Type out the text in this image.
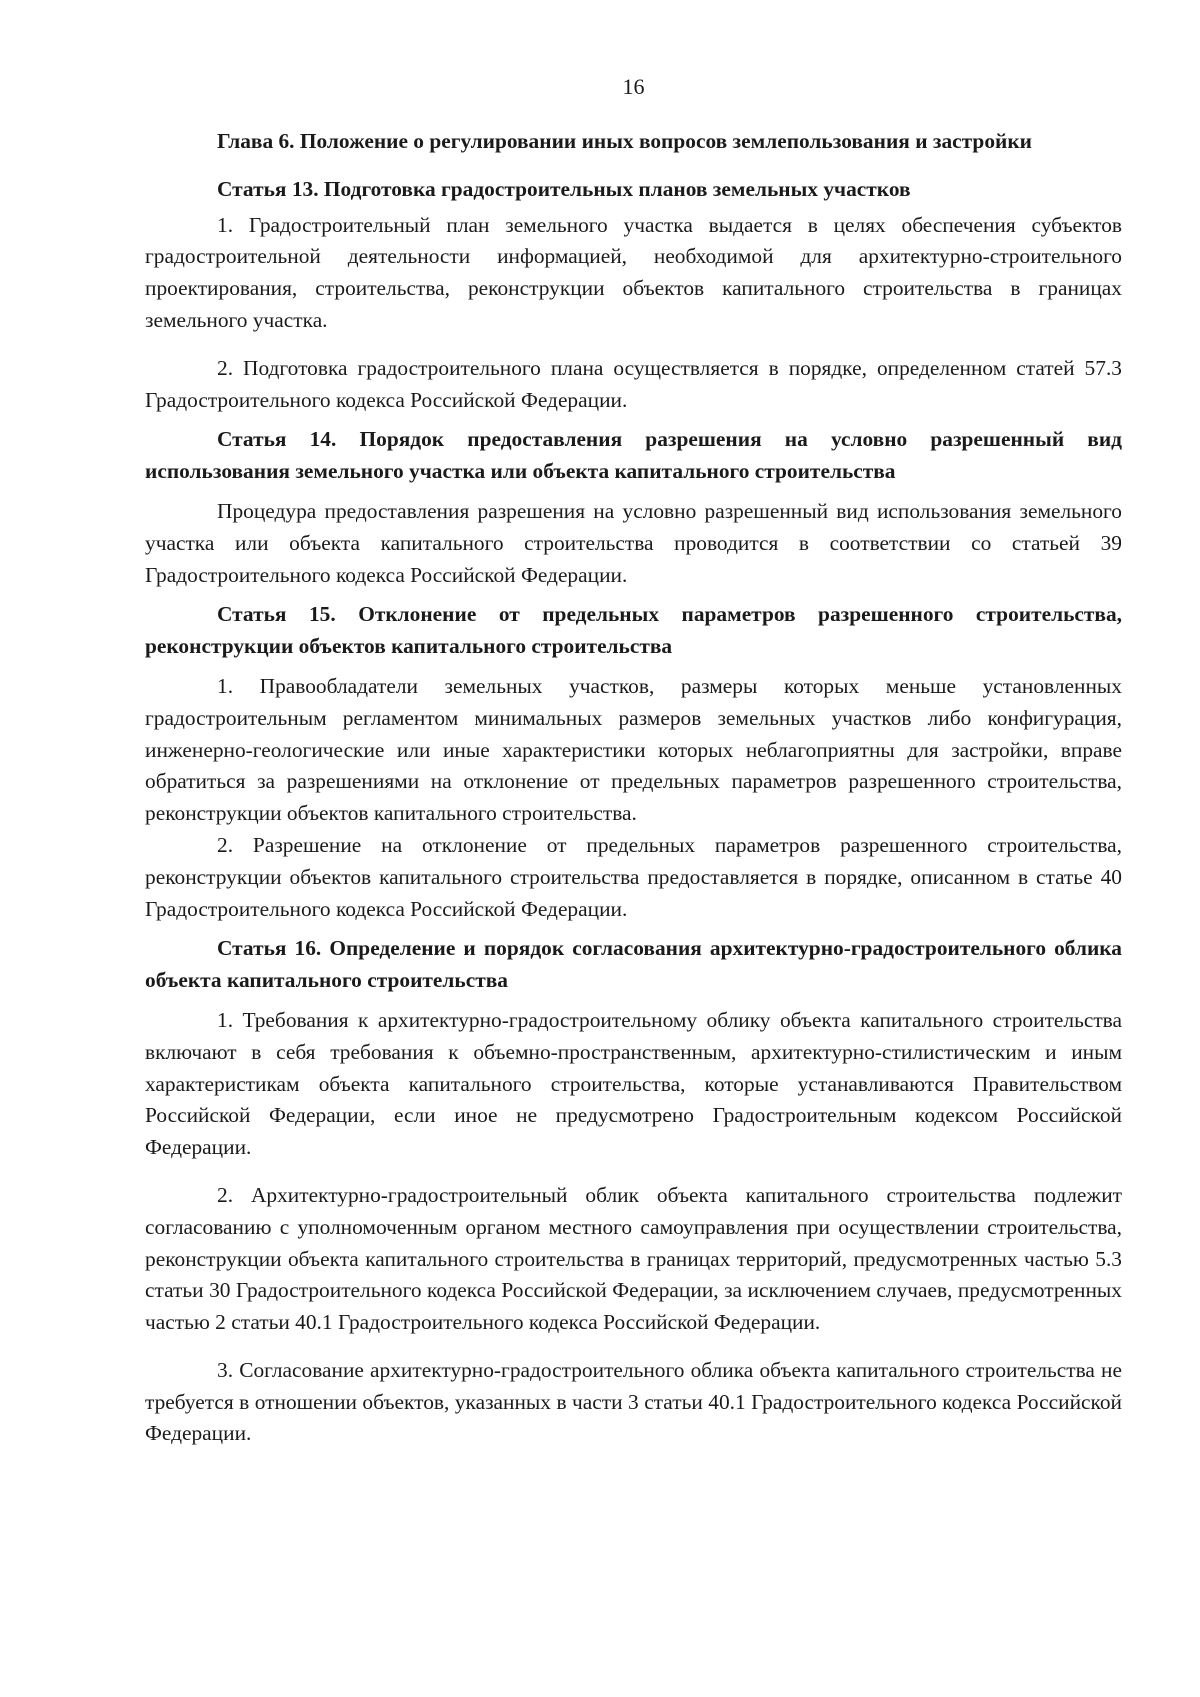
16

Глава 6. Положение о регулировании иных вопросов землепользования и застройки

Статья 13. Подготовка градостроительных планов земельных участков

1. Градостроительный план земельного участка выдается в целях обеспечения субъектов градостроительной деятельности информацией, необходимой для архитектурно-строительного проектирования, строительства, реконструкции объектов капитального строительства в границах земельного участка.

2. Подготовка градостроительного плана осуществляется в порядке, определенном статей 57.3 Градостроительного кодекса Российской Федерации.

Статья 14. Порядок предоставления разрешения на условно разрешенный вид использования земельного участка или объекта капитального строительства

Процедура предоставления разрешения на условно разрешенный вид использования земельного участка или объекта капитального строительства проводится в соответствии со статьей 39 Градостроительного кодекса Российской Федерации.

Статья 15. Отклонение от предельных параметров разрешенного строительства, реконструкции объектов капитального строительства

1. Правообладатели земельных участков, размеры которых меньше установленных градостроительным регламентом минимальных размеров земельных участков либо конфигурация, инженерно-геологические или иные характеристики которых неблагоприятны для застройки, вправе обратиться за разрешениями на отклонение от предельных параметров разрешенного строительства, реконструкции объектов капитального строительства.

2. Разрешение на отклонение от предельных параметров разрешенного строительства, реконструкции объектов капитального строительства предоставляется в порядке, описанном в статье 40 Градостроительного кодекса Российской Федерации.

Статья 16. Определение и порядок согласования архитектурно-градостроительного облика объекта капитального строительства

1. Требования к архитектурно-градостроительному облику объекта капитального строительства включают в себя требования к объемно-пространственным, архитектурно-стилистическим и иным характеристикам объекта капитального строительства, которые устанавливаются Правительством Российской Федерации, если иное не предусмотрено Градостроительным кодексом Российской Федерации.

2. Архитектурно-градостроительный облик объекта капитального строительства подлежит согласованию с уполномоченным органом местного самоуправления при осуществлении строительства, реконструкции объекта капитального строительства в границах территорий, предусмотренных частью 5.3 статьи 30 Градостроительного кодекса Российской Федерации, за исключением случаев, предусмотренных частью 2 статьи 40.1 Градостроительного кодекса Российской Федерации.

3. Согласование архитектурно-градостроительного облика объекта капитального строительства не требуется в отношении объектов, указанных в части 3 статьи 40.1 Градостроительного кодекса Российской Федерации.
